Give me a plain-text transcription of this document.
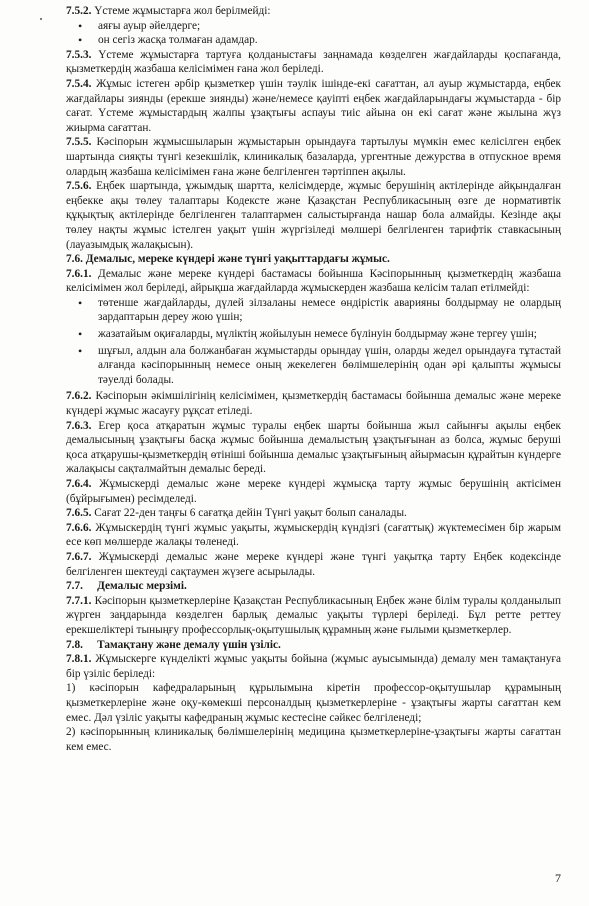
7.5.2. Үстеме жұмыстарға жол берілмейді:

• аяғы ауыр әйелдерге;
• он сегіз жасқа толмаған адамдар.

7.5.3. Үстеме жұмыстарға тартуға қолданыстағы заңнамада көзделген жағдайларды қоспағанда, қызметкердің жазбаша келісімімен ғана жол беріледі.

7.5.4. Жұмыс істеген әрбір қызметкер үшін тәулік ішінде-екі сағаттан, ал ауыр жұмыстарда, еңбек жағдайлары зиянды (ерекше зиянды) және/немесе қауіпті еңбек жағдайларындағы жұмыстарда - бір сағат. Үстеме жұмыстардың жалпы ұзақтығы аспауы тиіс айына он екі сағат және жылына жүз жиырма сағаттан.

7.5.5. Кәсіпорын жұмысшыларын жұмыстарын орындауға тартылуы мүмкін емес келісілген еңбек шартында сияқты түнгі кезекшілік, клиникалық базаларда, ургентные дежурства в отпускное время олардың жазбаша келісімімен ғана және белгіленген тәртіппен ақылы.

7.5.6. Еңбек шартында, ұжымдық шартта, келісімдерде, жұмыс берушінің актілерінде айқындалған еңбекке ақы төлеу талаптары Кодексте және Қазақстан Республикасының өзге де нормативтік құқықтық актілерінде белгіленген талаптармен салыстырғанда нашар бола алмайды. Кезінде ақы төлеу нақты жұмыс істелген уақыт үшін жүргізіледі мөлшері белгіленген тарифтік ставкасының (лауазымдық жалақысын).

7.6. Демалыс, мереке күндері және түнгі уақыттардағы жұмыс.

7.6.1. Демалыс және мереке күндері бастамасы бойынша Кәсіпорынның қызметкердің жазбаша келісімімен жол беріледі, айрықша жағдайларда жұмыскерден жазбаша келісім талап етілмейді:

• төтенше жағдайларды, дүлей зілзаланы немесе өндірістік аварияны болдырмау не олардың зардаптарын дереу жою үшін;
• жазатайым оқиғаларды, мүліктің жойылуын немесе бүлінуін болдырмау және тергеу үшін;
• шұғыл, алдын ала болжанбаған жұмыстарды орындау үшін, оларды жедел орындауға тұтастай алғанда кәсіпорынның немесе оның жекелеген бөлімшелерінің одан әрі қалыпты жұмысы тәуелді болады.

7.6.2. Кәсіпорын әкімшілігінің келісімімен, қызметкердің бастамасы бойынша демалыс және мереке күндері жұмыс жасауғу рұқсат етіледі.

7.6.3. Егер қоса атқаратын жұмыс туралы еңбек шарты бойынша жыл сайынғы ақылы еңбек демалысының ұзақтығы басқа жұмыс бойынша демалыстың ұзақтығынан аз болса, жұмыс беруші қоса атқарушы-қызметкердің өтініші бойынша демалыс ұзақтығының айырмасын құрайтын күндерге жалақысы сақталмайтын демалыс береді.

7.6.4. Жұмыскерді демалыс және мереке күндері жұмысқа тарту жұмыс берушінің актісімен (бұйрығымен) ресімделеді.

7.6.5. Сағат 22-ден таңғы 6 сағатқа дейін Түнгі уақыт болып саналады.

7.6.6. Жұмыскердің түнгі жұмыс уақыты, жұмыскердің күндізгі (сағаттық) жүктемесімен бір жарым есе көп мөлшерде жалақы төленеді.

7.6.7. Жұмыскерді демалыс және мереке күндері және түнгі уақытқа тарту Еңбек кодексінде белгіленген шектеуді сақтаумен жүзеге асырылады.

7.7.     Демалыс мерзімі.

7.7.1. Кәсіпорын қызметкерлеріне Қазақстан Республикасының Еңбек және білім туралы қолданылып жүрген заңдарында көзделген барлық демалыс уақыты түрлері беріледі. Бұл ретте реттеу ерекшеліктері тыныңғу профессорлық-оқытушылық құрамның және ғылыми қызметкерлер.

7.8.     Тамақтану және демалу үшін үзіліс.

7.8.1. Жұмыскерге күнделікті жұмыс уақыты бойына (жұмыс ауысымында) демалу мен тамақтануға бір үзіліс беріледі:

1) кәсіпорын кафедраларының құрылымына кіретін профессор-оқытушылар құрамының қызметкерлеріне және оқу-көмекші персоналдың қызметкерлеріне - ұзақтығы жарты сағаттан кем емес. Дәл үзіліс уақыты кафедраның жұмыс кестесіне сәйкес белгіленеді;

2) кәсіпорынның клиникалық бөлімшелерінің медицина қызметкерлеріне-ұзақтығы жарты сағаттан кем емес.

7
